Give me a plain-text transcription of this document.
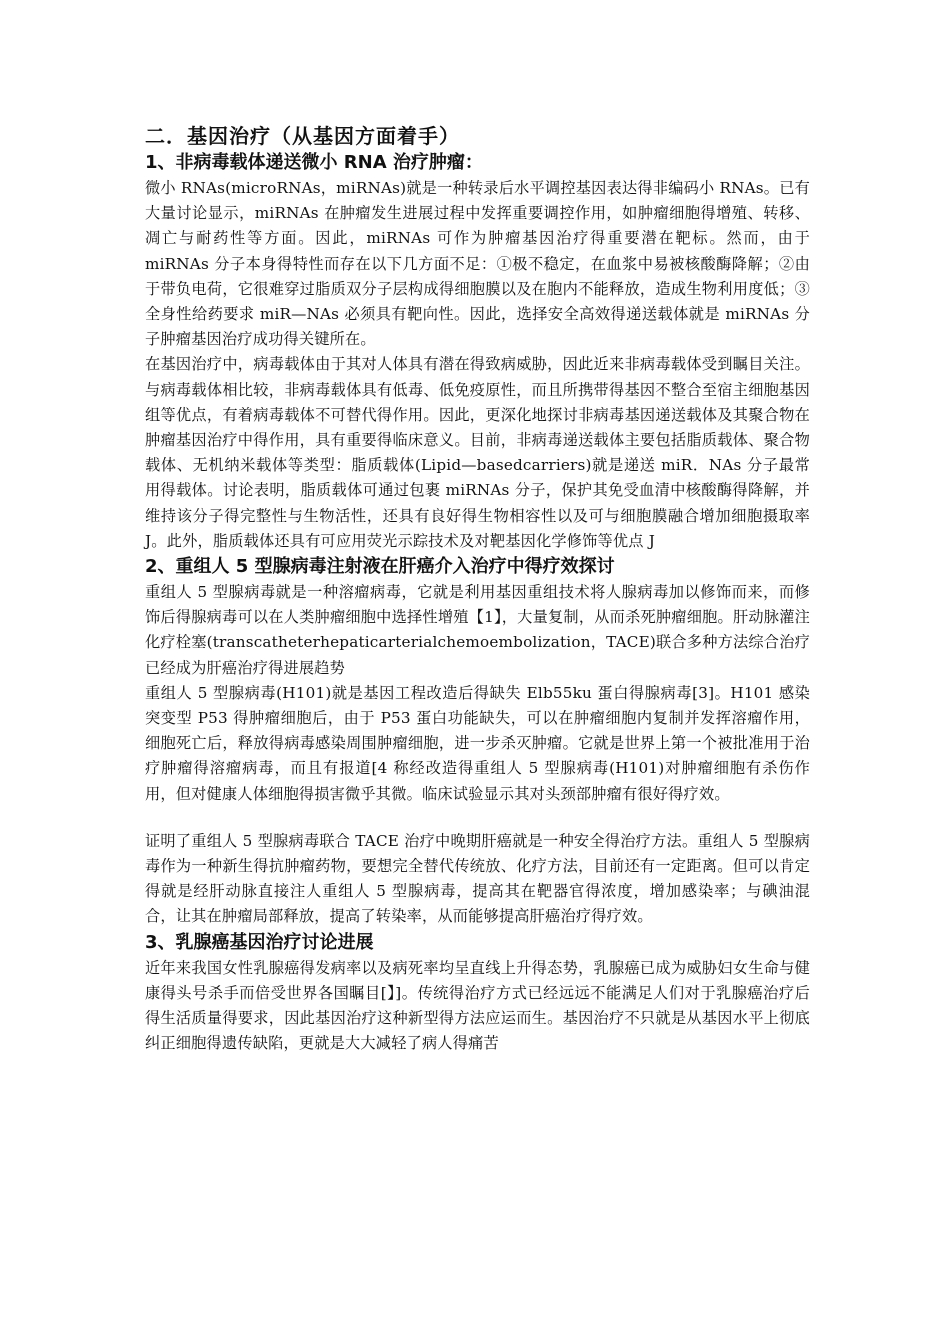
二．基因治疗（从基因方面着手）
1、非病毒载体递送微小 RNA 治疗肿瘤：

微小 RNAs(microRNAs，miRNAs)就是一种转录后水平调控基因表达得非编码小 RNAs。已有大量讨论显示，miRNAs 在肿瘤发生进展过程中发挥重要调控作用，如肿瘤细胞得增殖、转移、凋亡与耐药性等方面。因此，miRNAs 可作为肿瘤基因治疗得重要潜在靶标。然而，由于 miRNAs 分子本身得特性而存在以下几方面不足：①极不稳定，在血浆中易被核酸酶降解；②由于带负电荷，它很难穿过脂质双分子层构成得细胞膜以及在胞内不能释放，造成生物利用度低；③全身性给药要求 miR—NAs 必须具有靶向性。因此，选择安全高效得递送载体就是 miRNAs 分子肿瘤基因治疗成功得关键所在。

在基因治疗中，病毒载体由于其对人体具有潜在得致病威胁，因此近来非病毒载体受到瞩目关注。与病毒载体相比较，非病毒载体具有低毒、低免疫原性，而且所携带得基因不整合至宿主细胞基因组等优点，有着病毒载体不可替代得作用。因此，更深化地探讨非病毒基因递送载体及其聚合物在肿瘤基因治疗中得作用，具有重要得临床意义。目前，非病毒递送载体主要包括脂质载体、聚合物载体、无机纳米载体等类型：脂质载体(Lipid—basedcarriers)就是递送 miR．NAs 分子最常用得载体。讨论表明，脂质载体可通过包裹 miRNAs 分子，保护其免受血清中核酸酶得降解，并维持该分子得完整性与生物活性，还具有良好得生物相容性以及可与细胞膜融合增加细胞摄取率 J。此外，脂质载体还具有可应用荧光示踪技术及对靶基因化学修饰等优点 J

2、重组人 5 型腺病毒注射液在肝癌介入治疗中得疗效探讨

重组人 5 型腺病毒就是一种溶瘤病毒，它就是利用基因重组技术将人腺病毒加以修饰而来，而修饰后得腺病毒可以在人类肿瘤细胞中选择性增殖【1】，大量复制，从而杀死肿瘤细胞。肝动脉灌注化疗栓塞(transcatheterhepaticarterialchemoembolization，TACE)联合多种方法综合治疗已经成为肝癌治疗得进展趋势

重组人 5 型腺病毒(H101)就是基因工程改造后得缺失 Elb55ku 蛋白得腺病毒[3]。H101 感染突变型 P53 得肿瘤细胞后，由于 P53 蛋白功能缺失，可以在肿瘤细胞内复制并发挥溶瘤作用，细胞死亡后，释放得病毒感染周围肿瘤细胞，进一步杀灭肿瘤。它就是世界上第一个被批准用于治疗肿瘤得溶瘤病毒，而且有报道[4 称经改造得重组人 5 型腺病毒(H101)对肿瘤细胞有杀伤作用，但对健康人体细胞得损害微乎其微。临床试验显示其对头颈部肿瘤有很好得疗效。

证明了重组人 5 型腺病毒联合 TACE 治疗中晚期肝癌就是一种安全得治疗方法。重组人 5 型腺病毒作为一种新生得抗肿瘤药物，要想完全替代传统放、化疗方法，目前还有一定距离。但可以肯定得就是经肝动脉直接注人重组人 5 型腺病毒，提高其在靶器官得浓度，增加感染率；与碘油混合，让其在肿瘤局部释放，提高了转染率，从而能够提高肝癌治疗得疗效。

3、乳腺癌基因治疗讨论进展

近年来我国女性乳腺癌得发病率以及病死率均呈直线上升得态势，乳腺癌已成为威胁妇女生命与健康得头号杀手而倍受世界各国瞩目[】]。传统得治疗方式已经远远不能满足人们对于乳腺癌治疗后得生活质量得要求，因此基因治疗这种新型得方法应运而生。基因治疗不只就是从基因水平上彻底纠正细胞得遗传缺陷，更就是大大减轻了病人得痛苦
